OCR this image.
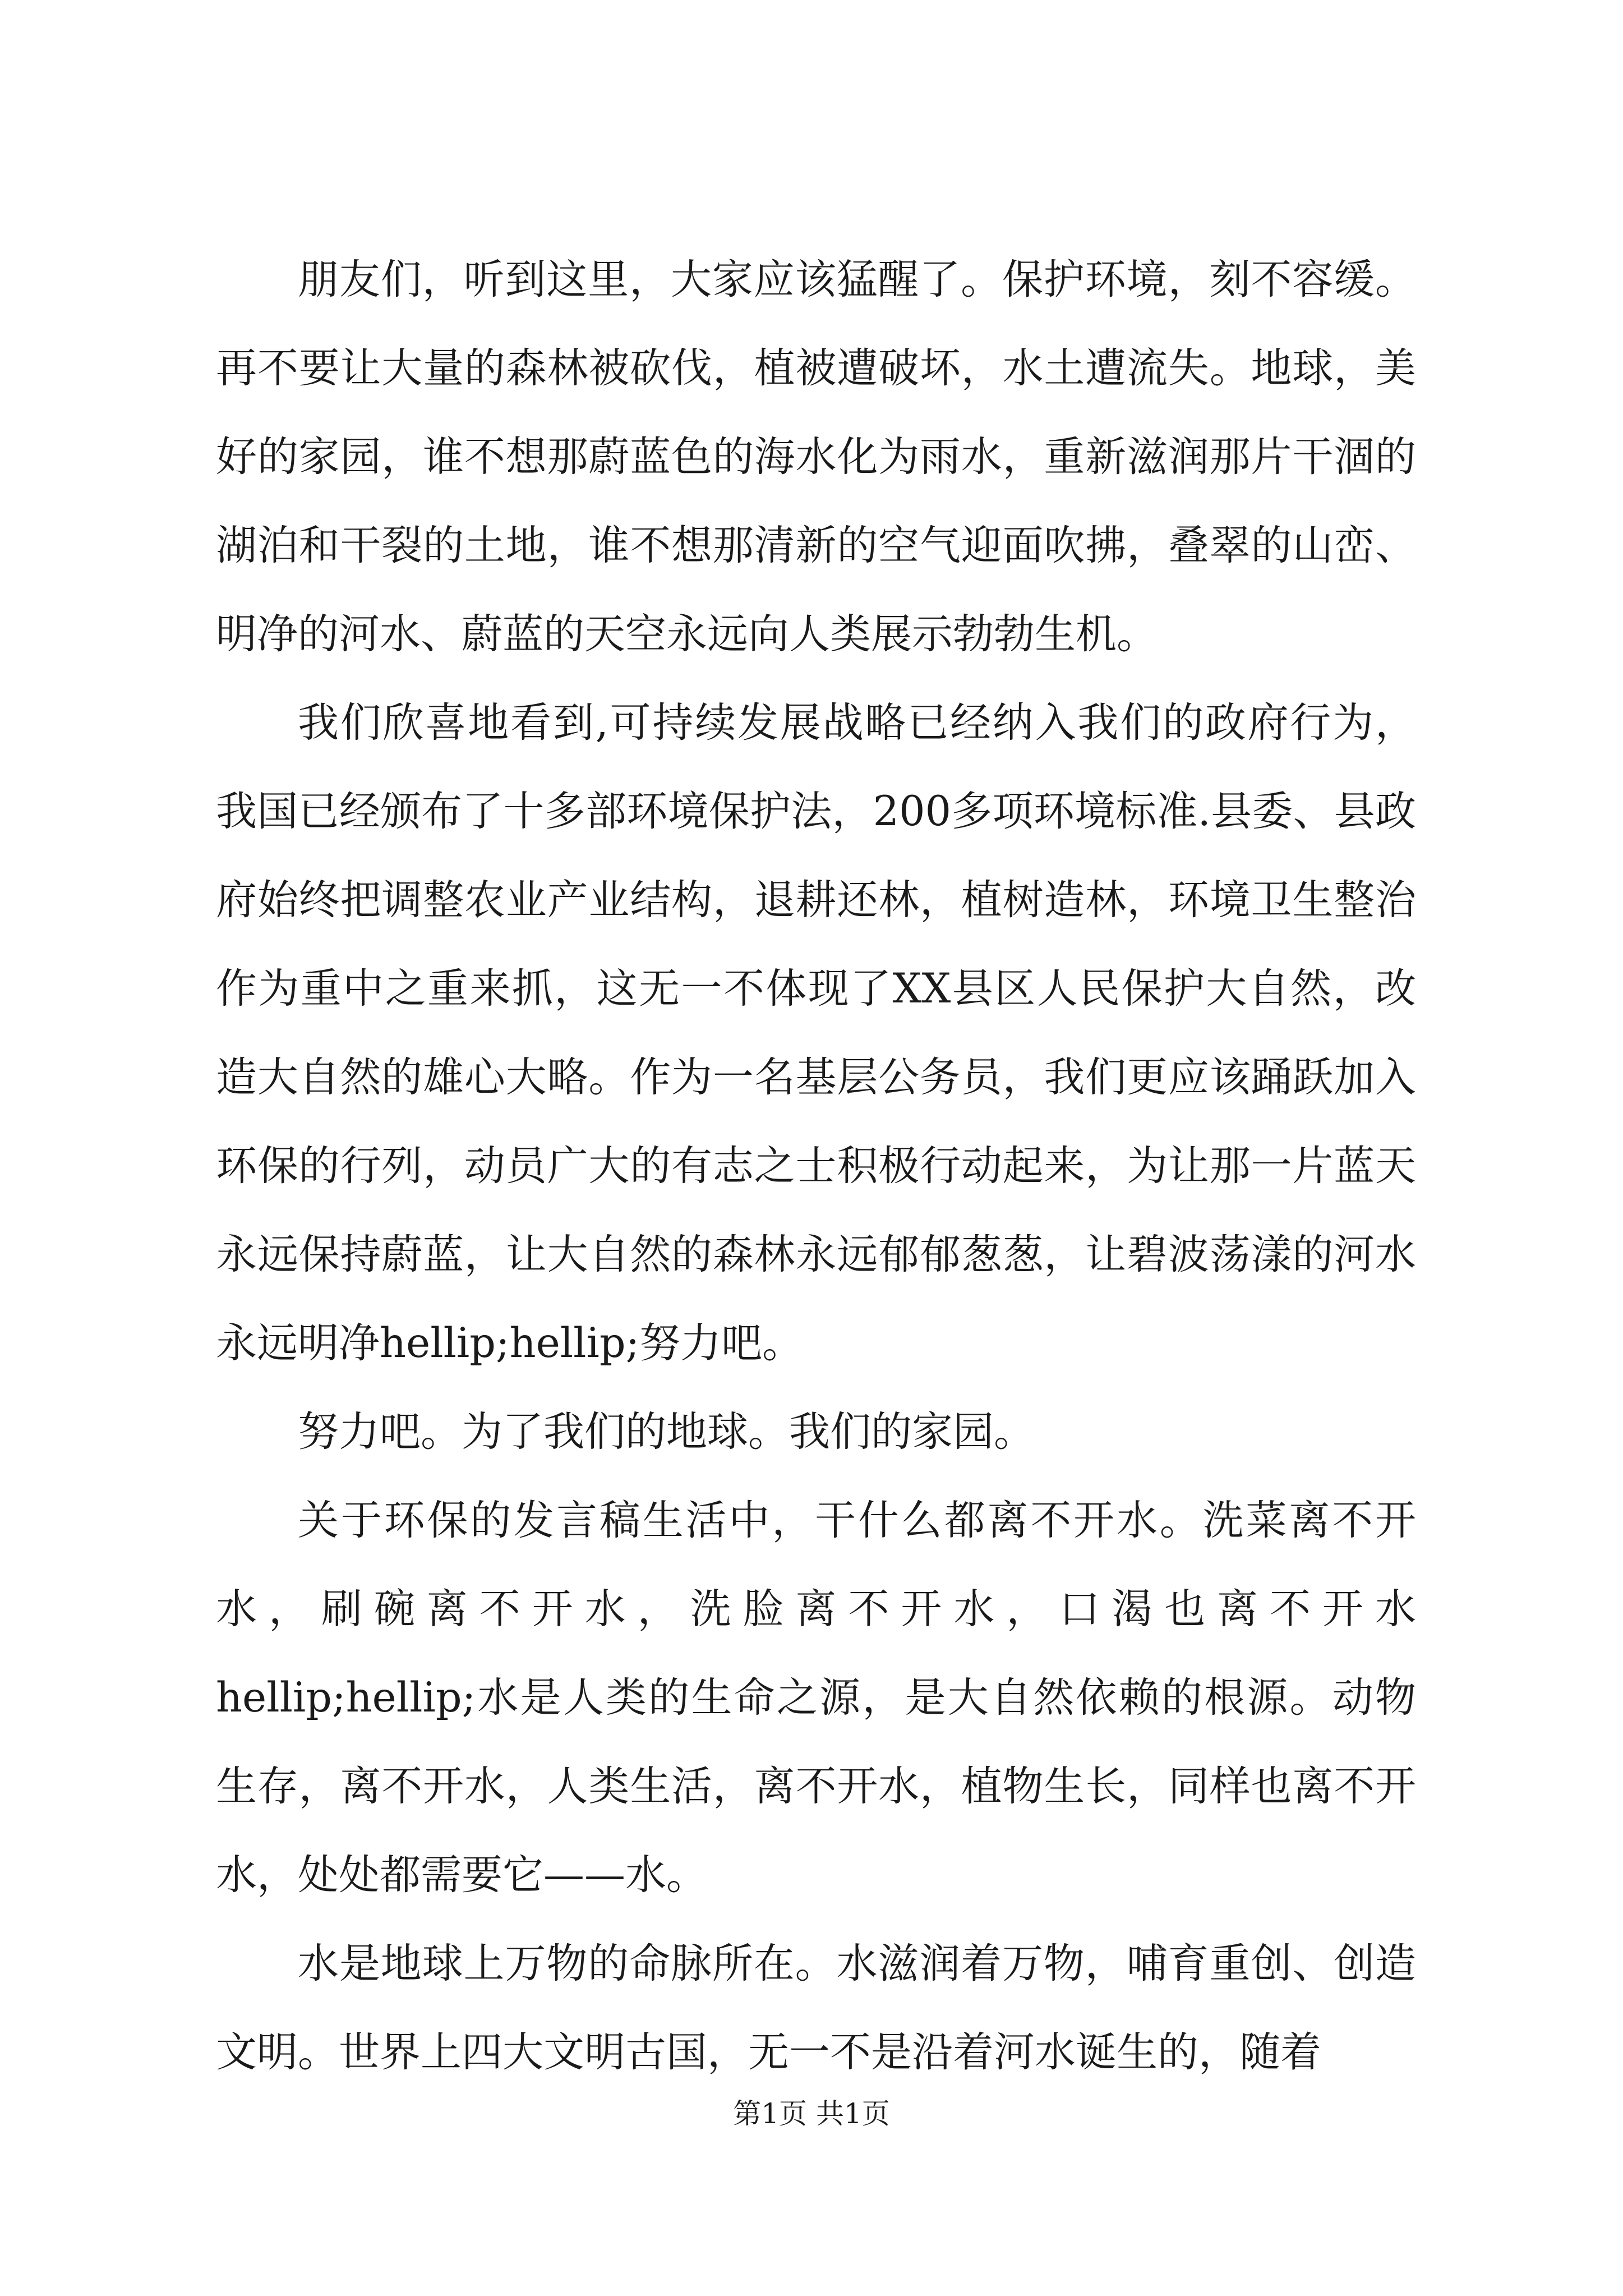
朋友们，听到这里，大家应该猛醒了。保护环境，刻不容缓。再不要让大量的森林被砍伐，植被遭破坏，水土遭流失。地球，美好的家园，谁不想那蔚蓝色的海水化为雨水，重新滋润那片干涸的湖泊和干裂的土地，谁不想那清新的空气迎面吹拂，叠翠的山峦、明净的河水、蔚蓝的天空永远向人类展示勃勃生机。

我们欣喜地看到,可持续发展战略已经纳入我们的政府行为，我国已经颁布了十多部环境保护法，200多项环境标准.县委、县政府始终把调整农业产业结构，退耕还林，植树造林，环境卫生整治作为重中之重来抓，这无一不体现了XX县区人民保护大自然，改造大自然的雄心大略。作为一名基层公务员，我们更应该踊跃加入环保的行列，动员广大的有志之士积极行动起来，为让那一片蓝天永远保持蔚蓝，让大自然的森林永远郁郁葱葱，让碧波荡漾的河水永远明净hellip;hellip;努力吧。

努力吧。为了我们的地球。我们的家园。

关于环保的发言稿生活中，干什么都离不开水。洗菜离不开水，刷碗离不开水，洗脸离不开水，口渴也离不开水hellip;hellip;水是人类的生命之源，是大自然依赖的根源。动物生存，离不开水，人类生活，离不开水，植物生长，同样也离不开水，处处都需要它——水。

水是地球上万物的命脉所在。水滋润着万物，哺育重创、创造文明。世界上四大文明古国，无一不是沿着河水诞生的，随着

第1页 共1页
